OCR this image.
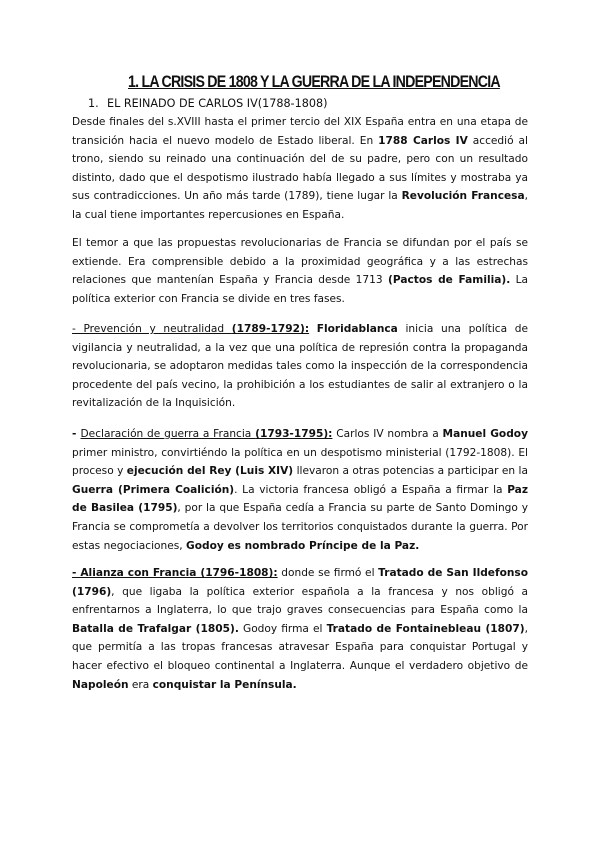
1. LA CRISIS DE 1808 Y LA GUERRA DE LA INDEPENDENCIA
1. EL REINADO DE CARLOS IV(1788-1808)

Desde finales del s.XVIII hasta el primer tercio del XIX España entra en una etapa de transición hacia el nuevo modelo de Estado liberal. En 1788 Carlos IV accedió al trono, siendo su reinado una continuación del de su padre, pero con un resultado distinto, dado que el despotismo ilustrado había llegado a sus límites y mostraba ya sus contradicciones. Un año más tarde (1789), tiene lugar la Revolución Francesa, la cual tiene importantes repercusiones en España.

El temor a que las propuestas revolucionarias de Francia se difundan por el país se extiende. Era comprensible debido a la proximidad geográfica y a las estrechas relaciones que mantenían España y Francia desde 1713 (Pactos de Familia). La política exterior con Francia se divide en tres fases.

- Prevención y neutralidad (1789-1792): Floridablanca inicia una política de vigilancia y neutralidad, a la vez que una política de represión contra la propaganda revolucionaria, se adoptaron medidas tales como la inspección de la correspondencia procedente del país vecino, la prohibición a los estudiantes de salir al extranjero o la revitalización de la Inquisición.

- Declaración de guerra a Francia (1793-1795): Carlos IV nombra a Manuel Godoy primer ministro, convirtiéndo la política en un despotismo ministerial (1792-1808). El proceso y ejecución del Rey (Luis XIV) llevaron a otras potencias a participar en la Guerra (Primera Coalición). La victoria francesa obligó a España a firmar la Paz de Basilea (1795), por la que España cedía a Francia su parte de Santo Domingo y Francia se comprometía a devolver los territorios conquistados durante la guerra. Por estas negociaciones, Godoy es nombrado Príncipe de la Paz.

- Alianza con Francia (1796-1808): donde se firmó el Tratado de San Ildefonso (1796), que ligaba la política exterior española a la francesa y nos obligó a enfrentarnos a Inglaterra, lo que trajo graves consecuencias para España como la Batalla de Trafalgar (1805). Godoy firma el Tratado de Fontainebleau (1807), que permitía a las tropas francesas atravesar España para conquistar Portugal y hacer efectivo el bloqueo continental a Inglaterra. Aunque el verdadero objetivo de Napoleón era conquistar la Península.
